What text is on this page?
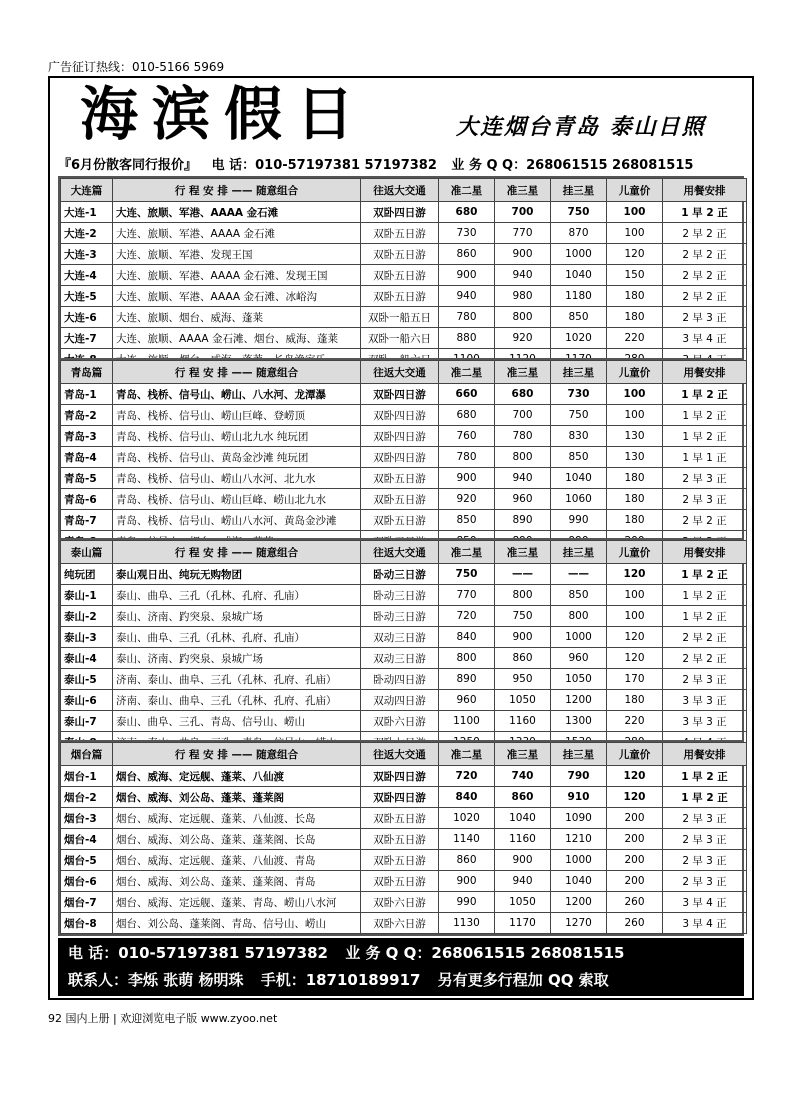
广告征订热线：010-5166 5969
海滨假日	大连烟台青岛 泰山日照
『6月份散客同行报价』 电 话：010-57197381 57197382 业 务 Q Q：268061515 268081515
大连篇	行 程 安 排 —— 随意组合	往返大交通	准二星	准三星	挂三星	儿童价	用餐安排
大连-1	大连、旅顺、军港、AAAA 金石滩	双卧四日游	680	700	750	100	1 早 2 正
大连-2	大连、旅顺、军港、AAAA 金石滩	双卧五日游	730	770	870	100	2 早 2 正
大连-3	大连、旅顺、军港、发现王国	双卧五日游	860	900	1000	120	2 早 2 正
大连-4	大连、旅顺、军港、AAAA 金石滩、发现王国	双卧五日游	900	940	1040	150	2 早 2 正
大连-5	大连、旅顺、军港、AAAA 金石滩、冰峪沟	双卧五日游	940	980	1180	180	2 早 2 正
大连-6	大连、旅顺、烟台、威海、蓬莱	双卧一船五日	780	800	850	180	2 早 3 正
大连-7	大连、旅顺、AAAA 金石滩、烟台、威海、蓬莱	双卧一船六日	880	920	1020	220	3 早 4 正

青岛篇	行 程 安 排 —— 随意组合	往返大交通	准二星	准三星	挂三星	儿童价	用餐安排
青岛-1	青岛、栈桥、信号山、崂山、八水河、龙潭瀑	双卧四日游	660	680	730	100	1 早 2 正
青岛-2	青岛、栈桥、信号山、崂山巨峰、登崂顶	双卧四日游	680	700	750	100	1 早 2 正
青岛-3	青岛、栈桥、信号山、崂山北九水 纯玩团	双卧四日游	760	780	830	130	1 早 2 正
青岛-4	青岛、栈桥、信号山、黄岛金沙滩 纯玩团	双卧四日游	780	800	850	130	1 早 1 正
青岛-5	青岛、栈桥、信号山、崂山八水河、北九水	双卧五日游	900	940	1040	180	2 早 3 正
青岛-6	青岛、栈桥、信号山、崂山巨峰、崂山北九水	双卧五日游	920	960	1060	180	2 早 3 正
青岛-7	青岛、栈桥、信号山、崂山八水河、黄岛金沙滩	双卧五日游	850	890	990	180	2 早 2 正

泰山篇	行 程 安 排 —— 随意组合	往返大交通	准二星	准三星	挂三星	儿童价	用餐安排
纯玩团	泰山观日出、纯玩无购物团	卧动三日游	750	——	——	120	1 早 2 正
泰山-1	泰山、曲阜、三孔（孔林、孔府、孔庙）	卧动三日游	770	800	850	100	1 早 2 正
泰山-2	泰山、济南、趵突泉、泉城广场	卧动三日游	720	750	800	100	1 早 2 正
泰山-3	泰山、曲阜、三孔（孔林、孔府、孔庙）	双动三日游	840	900	1000	120	2 早 2 正
泰山-4	泰山、济南、趵突泉、泉城广场	双动三日游	800	860	960	120	2 早 2 正
泰山-5	济南、泰山、曲阜、三孔（孔林、孔府、孔庙）	卧动四日游	890	950	1050	170	2 早 3 正
泰山-6	济南、泰山、曲阜、三孔（孔林、孔府、孔庙）	双动四日游	960	1050	1200	180	3 早 3 正
泰山-7	泰山、曲阜、三孔、青岛、信号山、崂山	双卧六日游	1100	1160	1300	220	3 早 3 正

烟台篇	行 程 安 排 —— 随意组合	往返大交通	准二星	准三星	挂三星	儿童价	用餐安排
烟台-1	烟台、威海、定远舰、蓬莱、八仙渡	双卧四日游	720	740	790	120	1 早 2 正
烟台-2	烟台、威海、刘公岛、蓬莱、蓬莱阁	双卧四日游	840	860	910	120	1 早 2 正
烟台-3	烟台、威海、定远舰、蓬莱、八仙渡、长岛	双卧五日游	1020	1040	1090	200	2 早 3 正
烟台-4	烟台、威海、刘公岛、蓬莱、蓬莱阁、长岛	双卧五日游	1140	1160	1210	200	2 早 3 正
烟台-5	烟台、威海、定远舰、蓬莱、八仙渡、青岛	双卧五日游	860	900	1000	200	2 早 3 正
烟台-6	烟台、威海、刘公岛、蓬莱、蓬莱阁、青岛	双卧五日游	900	940	1040	200	2 早 3 正
烟台-7	烟台、威海、定远舰、蓬莱、青岛、崂山八水河	双卧六日游	990	1050	1200	260	3 早 4 正
烟台-8	烟台、刘公岛、蓬莱阁、青岛、信号山、崂山	双卧六日游	1130	1170	1270	260	3 早 4 正
电 话：010-57197381 57197382 业 务 Q Q：268061515 268081515
联系人：李烁 张萌 杨明珠 手机：18710189917 另有更多行程加 QQ 索取
92 国内上册 | 欢迎浏览电子版 www.zyoo.net
